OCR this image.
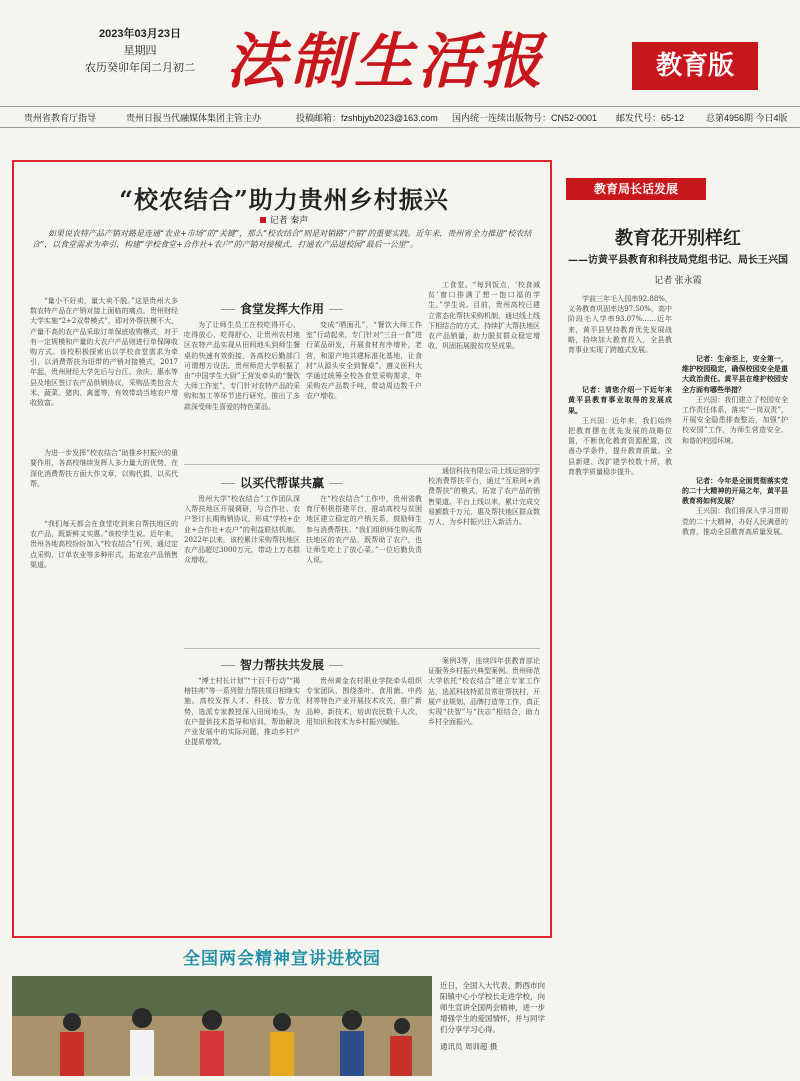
2023年03月23日
星期四
农历癸卯年闰二月初二 法制生活报	教育版
贵州省教育厅指导	贵州日报当代融媒体集团主管主办	投稿邮箱：fzshbjyb2023@163.com 国内统一连续出版物号：CN52-0001 邮发代号：65-12 总第4956期 今日4版
“校农结合”助力贵州乡村振兴
记者 秦声
如果说农特产品产销对路是连通“农业+市场”的“关键”，那么“校农结合”则是对销路“产销”的重要实践。近年来，贵州省全力推进“校农结合”，以食堂需求为牵引，构建“学校食堂+合作社+农户”的产销对接模式，打通农产品进校园“最后一公里”。

“量小不好卖，量大卖不脱。”这是贵州大多数农特产品在产销对接上面临的痛点。贵州财经大学实施“2+2双带模式”，即对外帮扶模不大、产量不高的农产品采取订单保底收购模式，对于有一定规模和产量的大农户产品则进行单保障收购方式。该校积极探索出以学校食堂需求为牵引，以消费帮扶为纽带的产销对接模式，2017年起，贵州财经大学先后与台江、余庆、惠水等县及地区签订农产品供销协议，采购品类包含大米、蔬菜、猪肉、禽蛋等，有效带动当地农户增收致富。

为进一步发挥“校农结合”助推乡村振兴的重要作用，各高校继续发挥人多力量大的优势，在深化消费帮扶方面大作文章，以购代捐，以买代帮。

“我们每天都会在食堂吃到来自帮扶地区的农产品，既新鲜又实惠。”该校学生说。近年来，贵州各地高校纷纷加入“校农结合”行列，通过定点采购、订单农业等多种形式，拓宽农产品销售渠道。

食堂发挥大作用

为了让师生员工在校吃得开心、吃得放心，吃得舒心，让贵州农村地区农特产品实现从田间地头到师生餐桌的快速有效衔接，各高校后勤部门可谓想方设法。贵州师范大学根据了由“中国学生大厨”王营发牵头的“餐饮大师工作室”，专门针对农特产品的采购和加工等环节进行研究，推出了多款深受师生喜爱的特色菜品。

变成“晒面孔”，“餐饮大师工作室”行动起来，专门针对“三自一食”进行菜品研发，开展食材有序增补，老营，和原产地共建标准化基地，让食材“从源头安全到餐桌”。遵义医科大学通过统筹全校各食堂采购需求，年采购农产品数千吨，带动周边数千户农户增收。

工食堂。“每到饭点，‘校食减贫’窗口排满了想一饱口福的学生。”学生说。目前，贵州高校已建立常态化帮扶采购机制，通过线上线下相结合的方式，持续扩大帮扶地区农产品销量，助力脱贫群众稳定增收，巩固拓展脱贫攻坚成果。

以买代帮谋共赢

贵州大学“校农结合”工作团队深入帮扶地区开展调研，与合作社、农户签订长期购销协议，形成“学校+企业+合作社+农户”的利益联结机制。2022年以来，该校累计采购帮扶地区农产品超过3000万元，带动上万名群众增收。

在“校农结合”工作中，贵州省教育厅积极搭建平台，推动高校与贫困地区建立稳定的产销关系，鼓励师生参与消费帮扶。“我们组织师生购买帮扶地区的农产品，既帮助了农户，也让师生吃上了放心菜。”一位后勤负责人说。

通信科技有限公司上线运营的学校消费帮扶平台，通过“互联网+消费帮扶”的模式，拓宽了农产品的销售渠道。平台上线以来，累计完成交易额数千万元，惠及帮扶地区群众数万人，为乡村振兴注入新活力。

智力帮扶共发展

“博士村长计划”“十百千行动”“揭榜挂帅”等一系列智力帮扶项目相继实施。高校发挥人才、科技、智力优势，选派专家教授深入田间地头，为农户提供技术指导和培训，帮助解决产业发展中的实际问题，推动乡村产业提质增效。

贵州黄金农村职业学院牵头组织专家团队，围绕茶叶、食用菌、中药材等特色产业开展技术攻关，推广新品种、新技术，培训农民数千人次，用知识和技术为乡村振兴赋能。

案例3等，连续四年获教育部论证服务乡村振兴典型案例。贵州师范大学依托“校农结合”建立专家工作站，选派科技特派员常驻帮扶村，开展产业规划、品牌打造等工作，真正实现“扶智”与“扶志”相结合，助力乡村全面振兴。

教育局长话发展
教育花开别样红
——访黄平县教育和科技局党组书记、局长王兴国
记者 张永霞

学前三年毛入园率92.88%，义务教育巩固率达97.50%，高中阶段毛入学率93.07%……近年来，黄平县坚持教育优先发展战略，持续加大教育投入，全县教育事业实现了跨越式发展。

记者：请您介绍一下近年来黄平县教育事业取得的发展成果。

王兴国：近年来，我们始终把教育摆在优先发展的战略位置，不断优化教育资源配置，改善办学条件，提升教育质量。全县新建、改扩建学校数十所，教育教学质量稳步提升。

记者：生命至上，安全第一，维护校园稳定，确保校园安全是重大政治责任。黄平县在维护校园安全方面有哪些举措？

王兴国：我们建立了校园安全工作责任体系，落实“一岗双责”，开展安全隐患排查整治，加强“护校安园”工作，为师生营造安全、和谐的校园环境。

记者：今年是全面贯彻落实党的二十大精神的开局之年，黄平县教育将如何发展？

王兴国：我们将深入学习贯彻党的二十大精神，办好人民满意的教育，推动全县教育高质量发展。

全国两会精神宣讲进校园

近日，全国人大代表、黔西市向阳镇中心小学校长走进学校，向师生宣讲全国两会精神，进一步增强学生的爱国情怀，并与同学们分享学习心得。

通讯员 周训超 摄
